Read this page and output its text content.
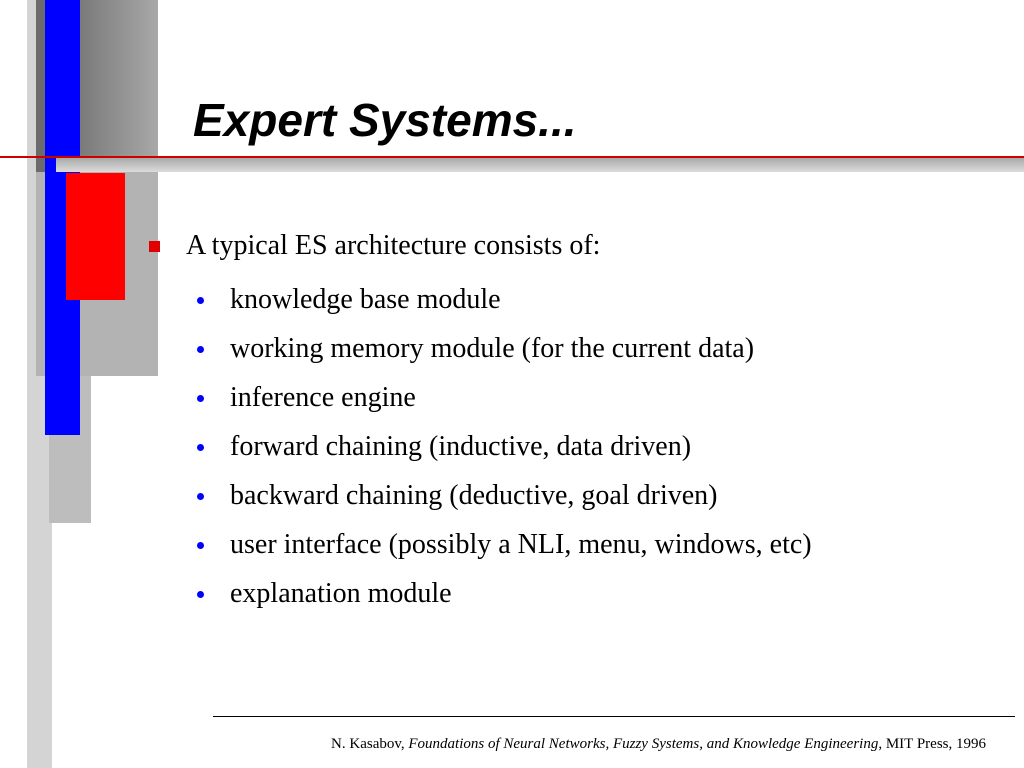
Expert Systems...
A typical ES architecture consists of:
knowledge base module
working memory module (for the current data)
inference engine
forward chaining (inductive, data driven)
backward chaining (deductive, goal driven)
user interface (possibly a NLI, menu, windows, etc)
explanation module
N. Kasabov, Foundations of Neural Networks, Fuzzy Systems, and Knowledge Engineering, MIT Press, 1996
